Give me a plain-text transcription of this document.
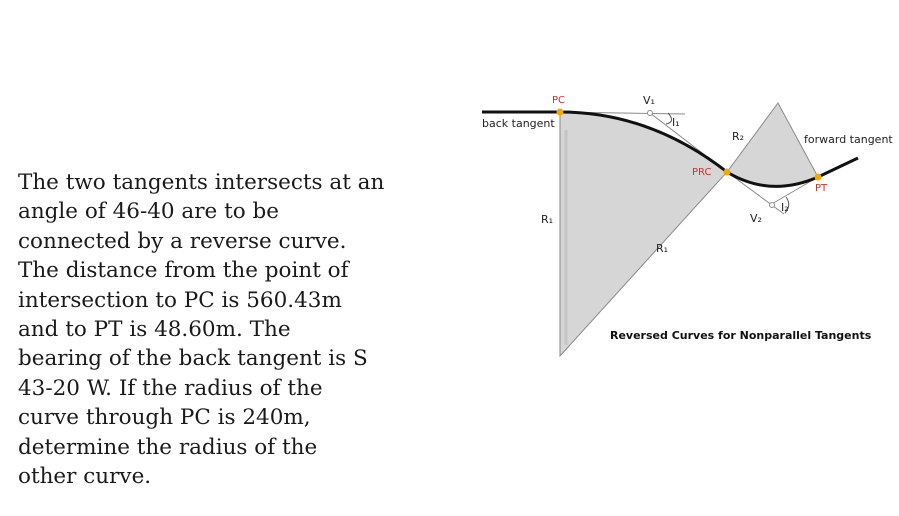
The two tangents intersects at an
angle of 46-40 are to be
connected by a reverse curve.
The distance from the point of
intersection to PC is 560.43m
and to PT is 48.60m. The
bearing of the back tangent is S
43-20 W. If the radius of the
curve through PC is 240m,
determine the radius of the
other curve.
PC
PRC
PT
V₁
I₁
V₂
I₂
R₂
R₁
R₁
back tangent
forward tangent
Reversed Curves for Nonparallel Tangents
